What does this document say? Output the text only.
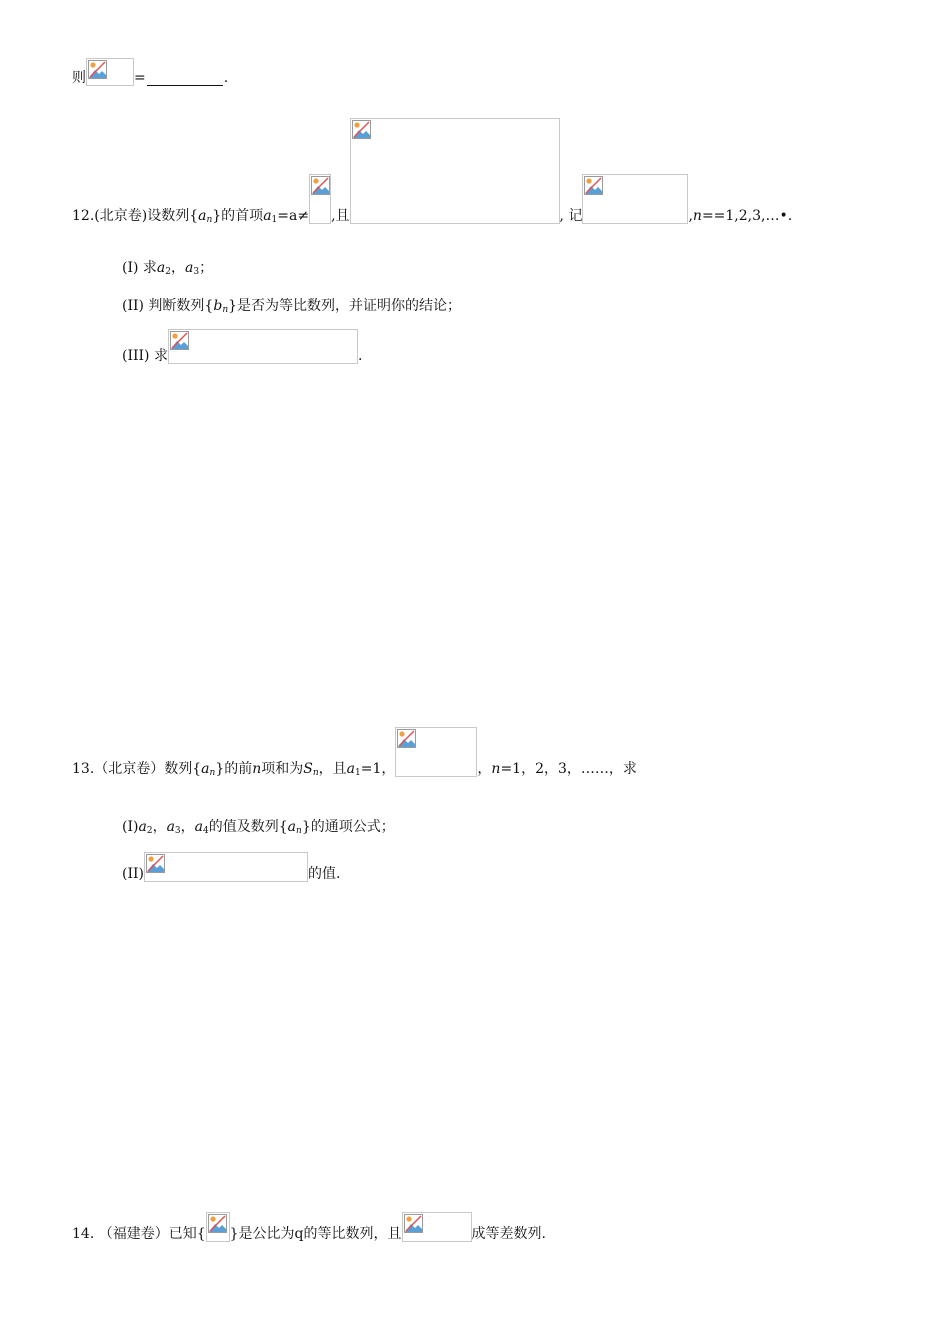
则	=	.
12.(北京卷)设数列{ $a_n$ }的首项 $a_1 =a\ne$ ,且	, 记	,n ==1,2,3,…•.
(I) 求 $a_2$ ， $a_3$ ；
(II) 判断数列{ $b_n$ }是否为等比数列，并证明你的结论；
(III) 求	.
13.（北京卷）数列{ $a_n$ }的前 n 项和为 $S_n$ ，且 $a_1 =1$，	， n =1，2，3，……，求
(I) $a_2$ ， $a_3$ ， $a_4$ 的值及数列{ $a_n$ }的通项公式；
(II)	的值.
14. （福建卷）已知{ }是公比为q的等比数列，且	成等差数列.
